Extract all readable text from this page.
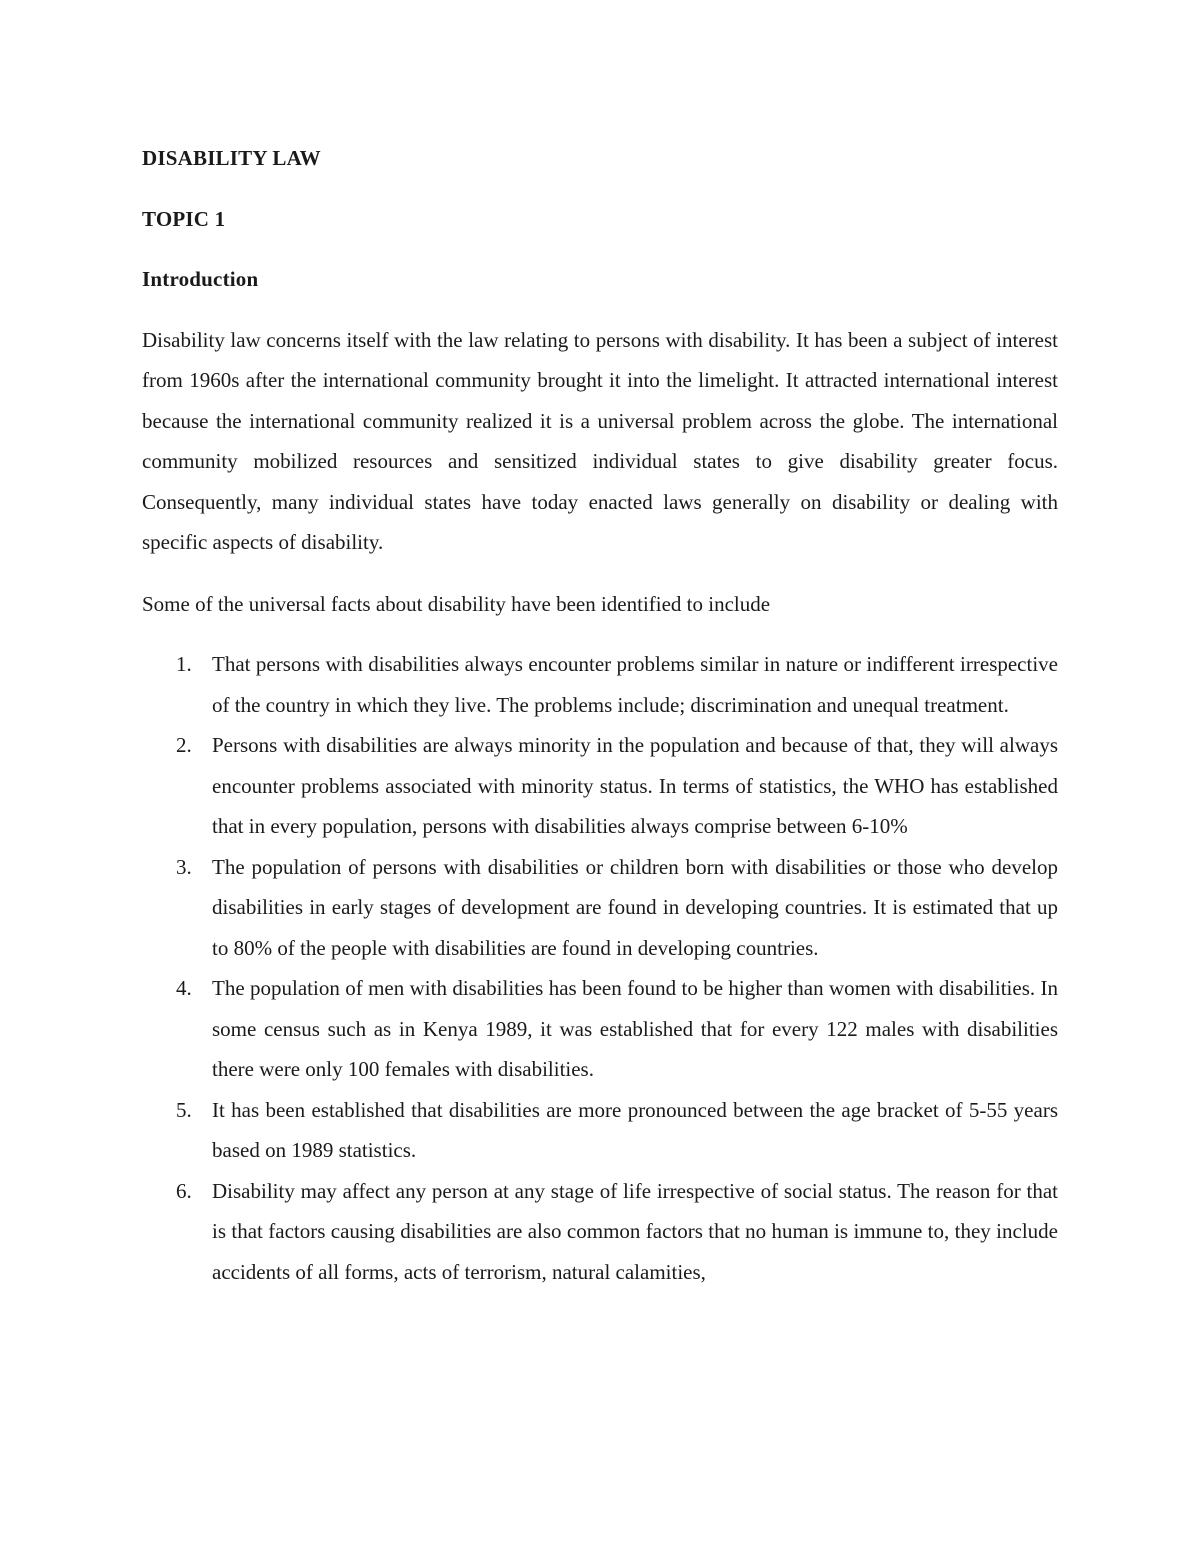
DISABILITY LAW

TOPIC 1

Introduction

Disability law concerns itself with the law relating to persons with disability. It has been a subject of interest from 1960s after the international community brought it into the limelight. It attracted international interest because the international community realized it is a universal problem across the globe. The international community mobilized resources and sensitized individual states to give disability greater focus. Consequently, many individual states have today enacted laws generally on disability or dealing with specific aspects of disability.

Some of the universal facts about disability have been identified to include

1. That persons with disabilities always encounter problems similar in nature or indifferent irrespective of the country in which they live. The problems include; discrimination and unequal treatment.
2. Persons with disabilities are always minority in the population and because of that, they will always encounter problems associated with minority status. In terms of statistics, the WHO has established that in every population, persons with disabilities always comprise between 6-10%
3. The population of persons with disabilities or children born with disabilities or those who develop disabilities in early stages of development are found in developing countries. It is estimated that up to 80% of the people with disabilities are found in developing countries.
4. The population of men with disabilities has been found to be higher than women with disabilities. In some census such as in Kenya 1989, it was established that for every 122 males with disabilities there were only 100 females with disabilities.
5. It has been established that disabilities are more pronounced between the age bracket of 5-55 years based on 1989 statistics.
6. Disability may affect any person at any stage of life irrespective of social status. The reason for that is that factors causing disabilities are also common factors that no human is immune to, they include accidents of all forms, acts of terrorism, natural calamities,
